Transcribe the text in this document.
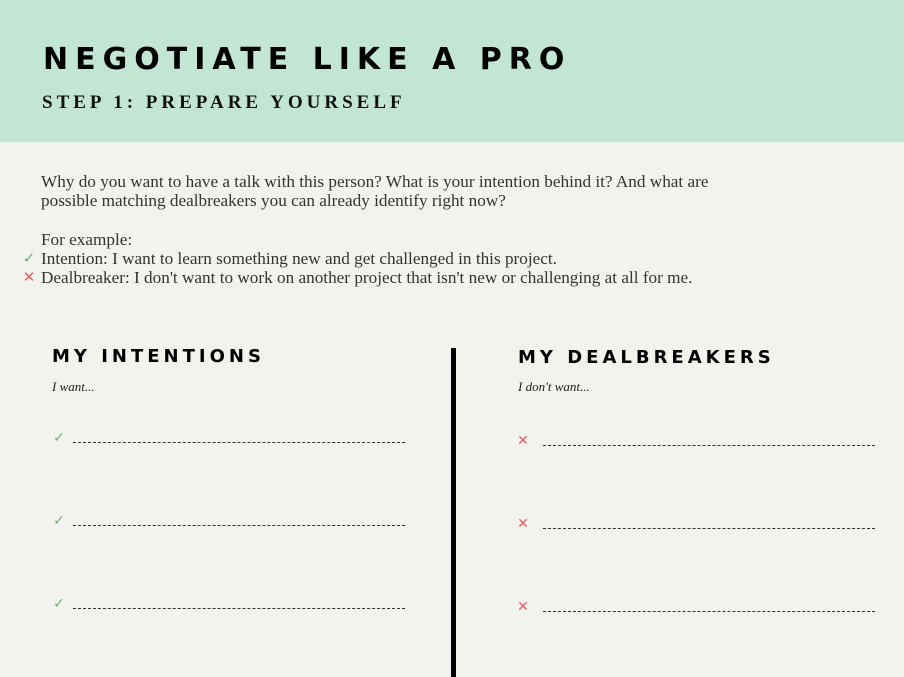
NEGOTIATE LIKE A PRO
STEP 1: PREPARE YOURSELF

Why do you want to have a talk with this person? What is your intention behind it? And what are

possible matching dealbreakers you can already identify right now?

For example:

✓ Intention: I want to learn something new and get challenged in this project.

✕ Dealbreaker: I don't want to work on another project that isn't new or challenging at all for me.

MY INTENTIONS

I want...

✓
✓
✓
MY DEALBREAKERS

I don't want...

✕
✕
✕
